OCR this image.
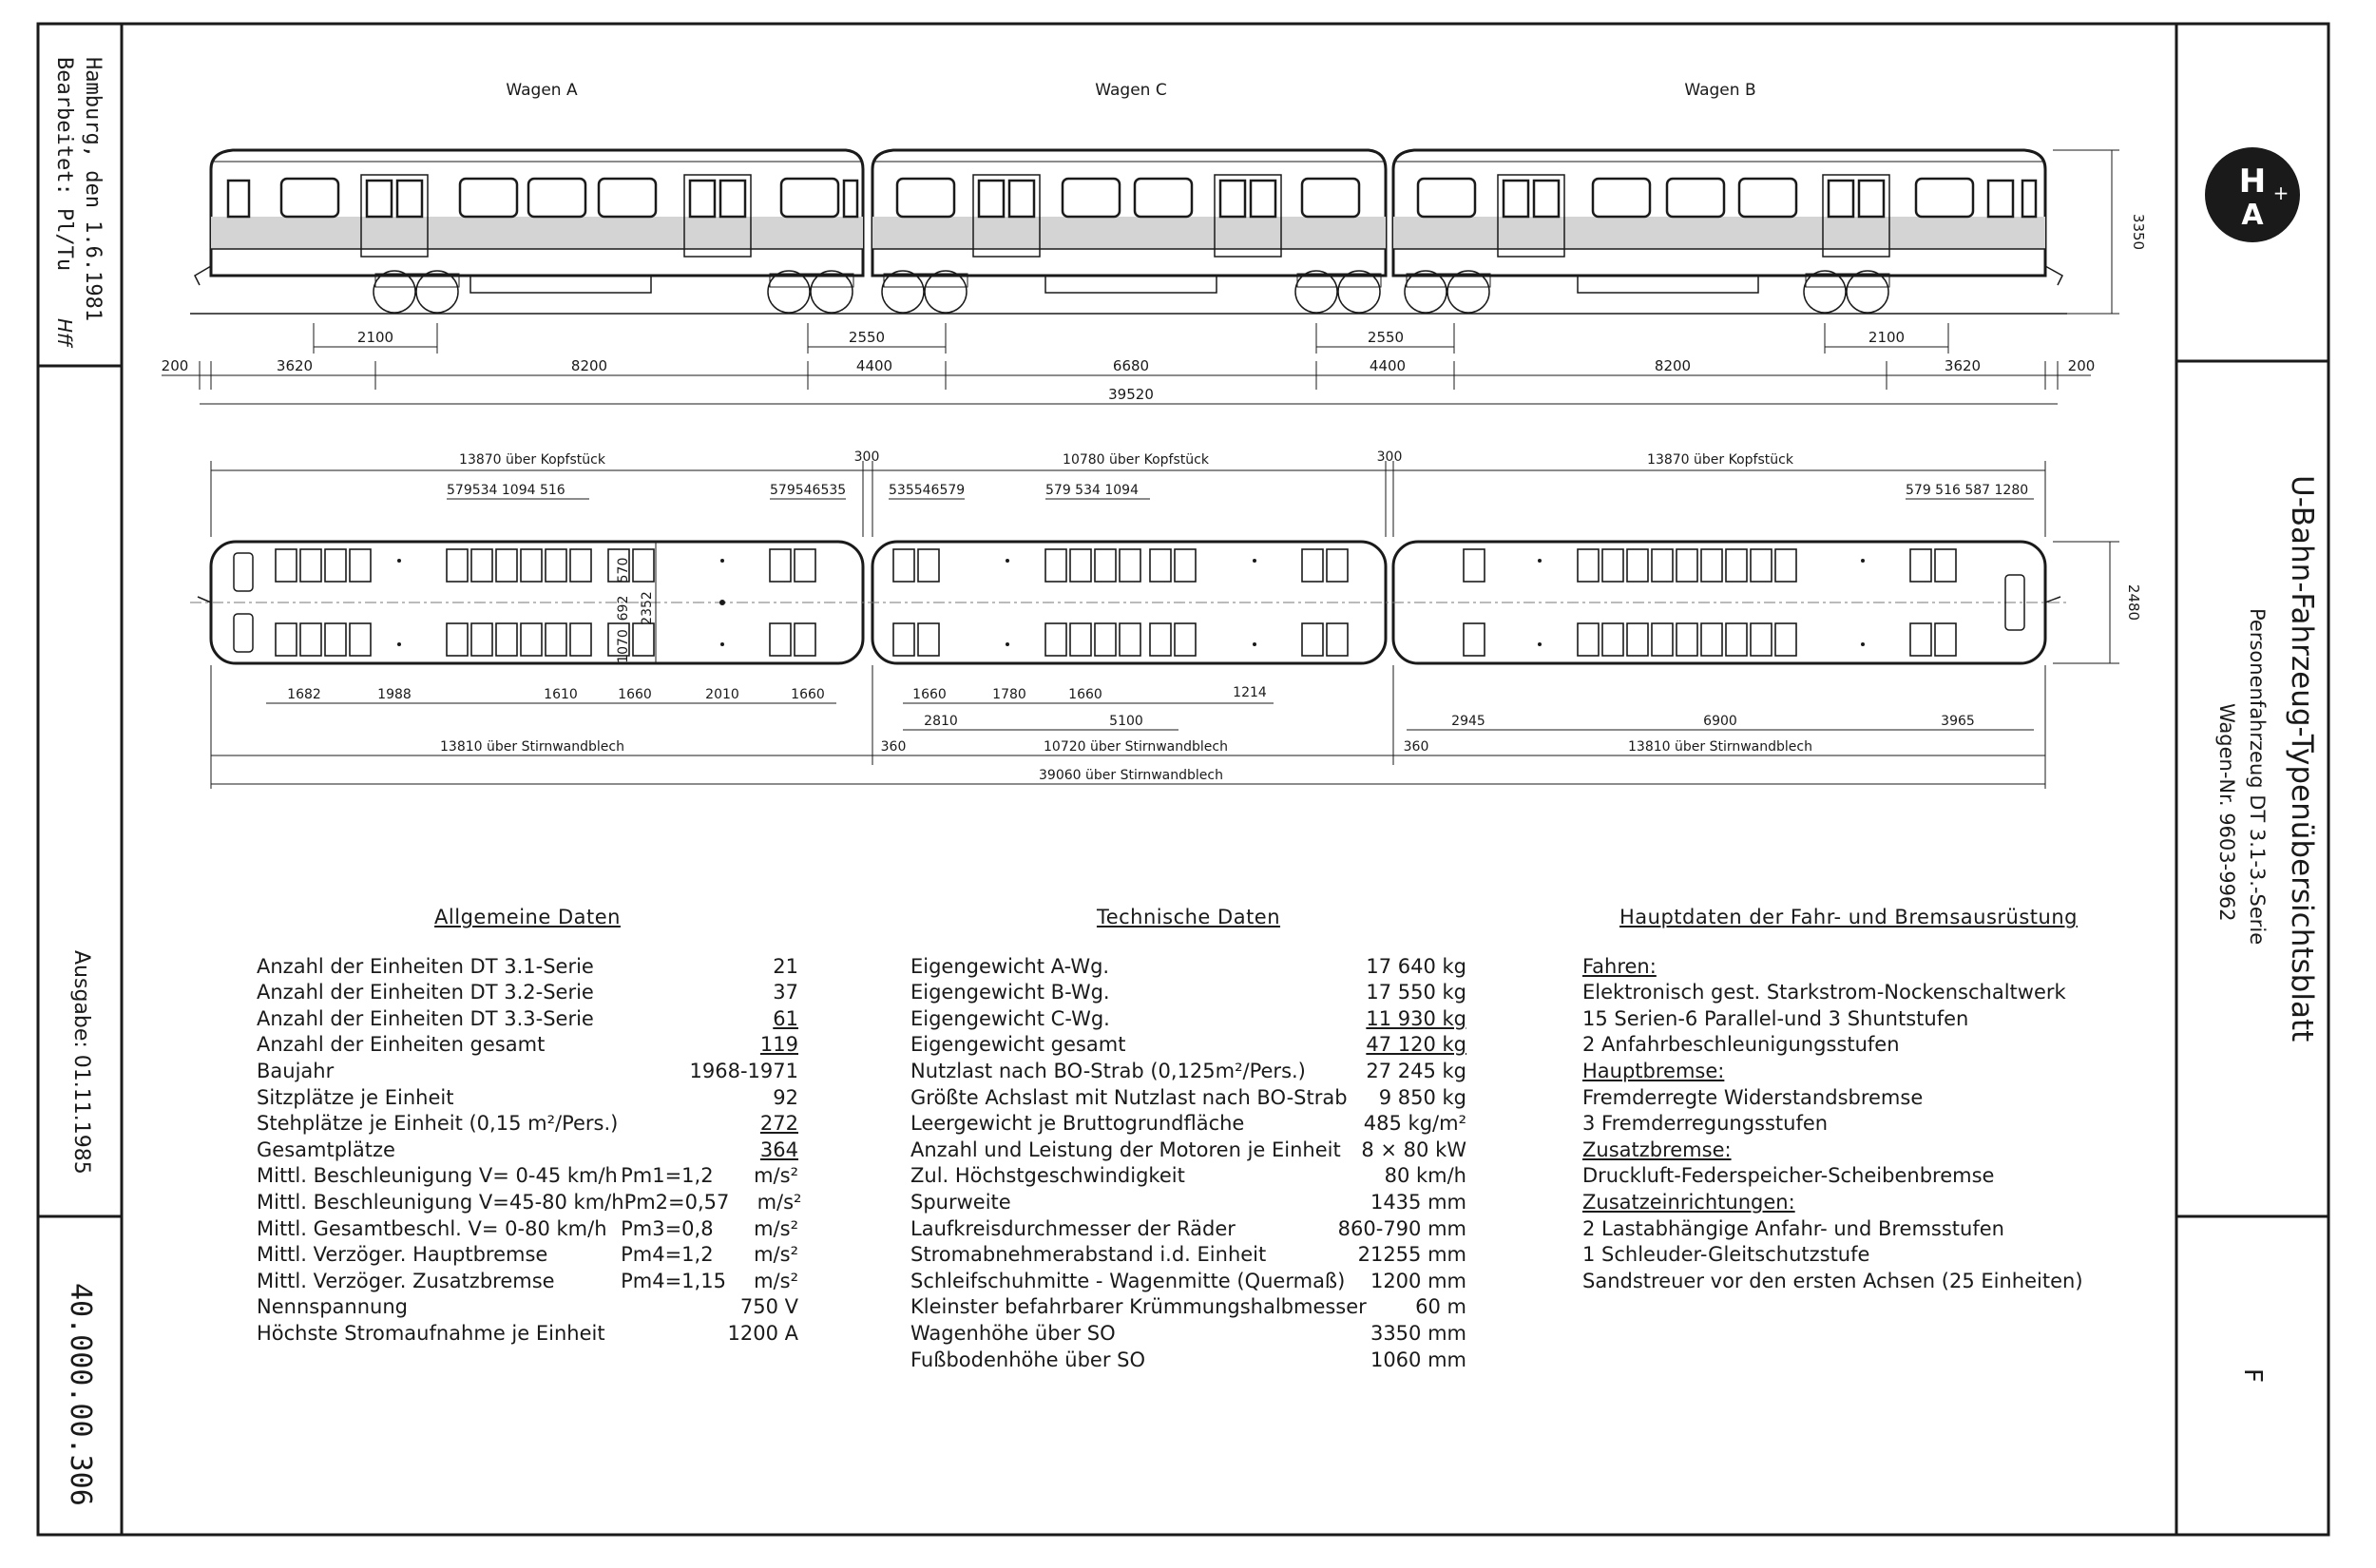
H
A
+
Wagen A	Wagen C	Wagen B
3350
2100	2550	2550	2100
200	3620	8200	4400	6680	4400	8200	3620	200
39520
13870 über Kopfstück	300	10780 über Kopfstück	300	13870 über Kopfstück
579534 1094 516	579546535	535546579	579 534 1094	579 516 587 1280
2352
570
692
1070
2480
1682	1988	1610	1660	2010	1660	1660	1780	1660	1214
2810	5100	2945	6900	3965
13810 über Stirnwandblech	360	10720 über Stirnwandblech	360	13810 über Stirnwandblech
39060 über Stirnwandblech
Hamburg, den 1.6.1981
Bearbeitet: Pl/Tu
Hff
Ausgabe: 01.11.1985
40.000.00.306
U-Bahn-Fahrzeug-Typenübersichtsblatt
Personenfahrzeug DT 3.1-3.-Serie
Wagen-Nr. 9603-9962
F
Allgemeine Daten
Anzahl der Einheiten DT 3.1-Serie	21
Anzahl der Einheiten DT 3.2-Serie	37
Anzahl der Einheiten DT 3.3-Serie	61
Anzahl der Einheiten gesamt	119
Baujahr	1968-1971
Sitzplätze je Einheit	92
Stehplätze je Einheit (0,15 m²/Pers.)	272
Gesamtplätze	364
Mittl. Beschleunigung V= 0-45 km/h Pm1=1,2 m/s²
Mittl. Beschleunigung V=45-80 km/h Pm2=0,57 m/s²
Mittl. Gesamtbeschl. V= 0-80 km/h Pm3=0,8 m/s²
Mittl. Verzöger. Hauptbremse	Pm4=1,2 m/s²
Mittl. Verzöger. Zusatzbremse	Pm4=1,15 m/s²
Nennspannung	750 V
Höchste Stromaufnahme je Einheit	1200 A
Technische Daten
Eigengewicht A-Wg.	17 640 kg
Eigengewicht B-Wg.	17 550 kg
Eigengewicht C-Wg.	11 930 kg
Eigengewicht gesamt	47 120 kg
Nutzlast nach BO-Strab (0,125m²/Pers.)	27 245 kg
Größte Achslast mit Nutzlast nach BO-Strab 9 850 kg
Leergewicht je Bruttogrundfläche	485 kg/m²
Anzahl und Leistung der Motoren je Einheit 8 × 80 kW
Zul. Höchstgeschwindigkeit	80 km/h
Spurweite	1435 mm
Laufkreisdurchmesser der Räder	860-790 mm
Stromabnehmerabstand i.d. Einheit	21255 mm
Schleifschuhmitte - Wagenmitte (Quermaß) 1200 mm
Kleinster befahrbarer Krümmungshalbmesser 60 m
Wagenhöhe über SO	3350 mm
Fußbodenhöhe über SO	1060 mm
Hauptdaten der Fahr- und Bremsausrüstung
Fahren:
Elektronisch gest. Starkstrom-Nockenschaltwerk
15 Serien-6 Parallel-und 3 Shuntstufen
2 Anfahrbeschleunigungsstufen
Hauptbremse:
Fremderregte Widerstandsbremse
3 Fremderregungsstufen
Zusatzbremse:
Druckluft-Federspeicher-Scheibenbremse
Zusatzeinrichtungen:
2 Lastabhängige Anfahr- und Bremsstufen
1 Schleuder-Gleitschutzstufe
Sandstreuer vor den ersten Achsen (25 Einheiten)
